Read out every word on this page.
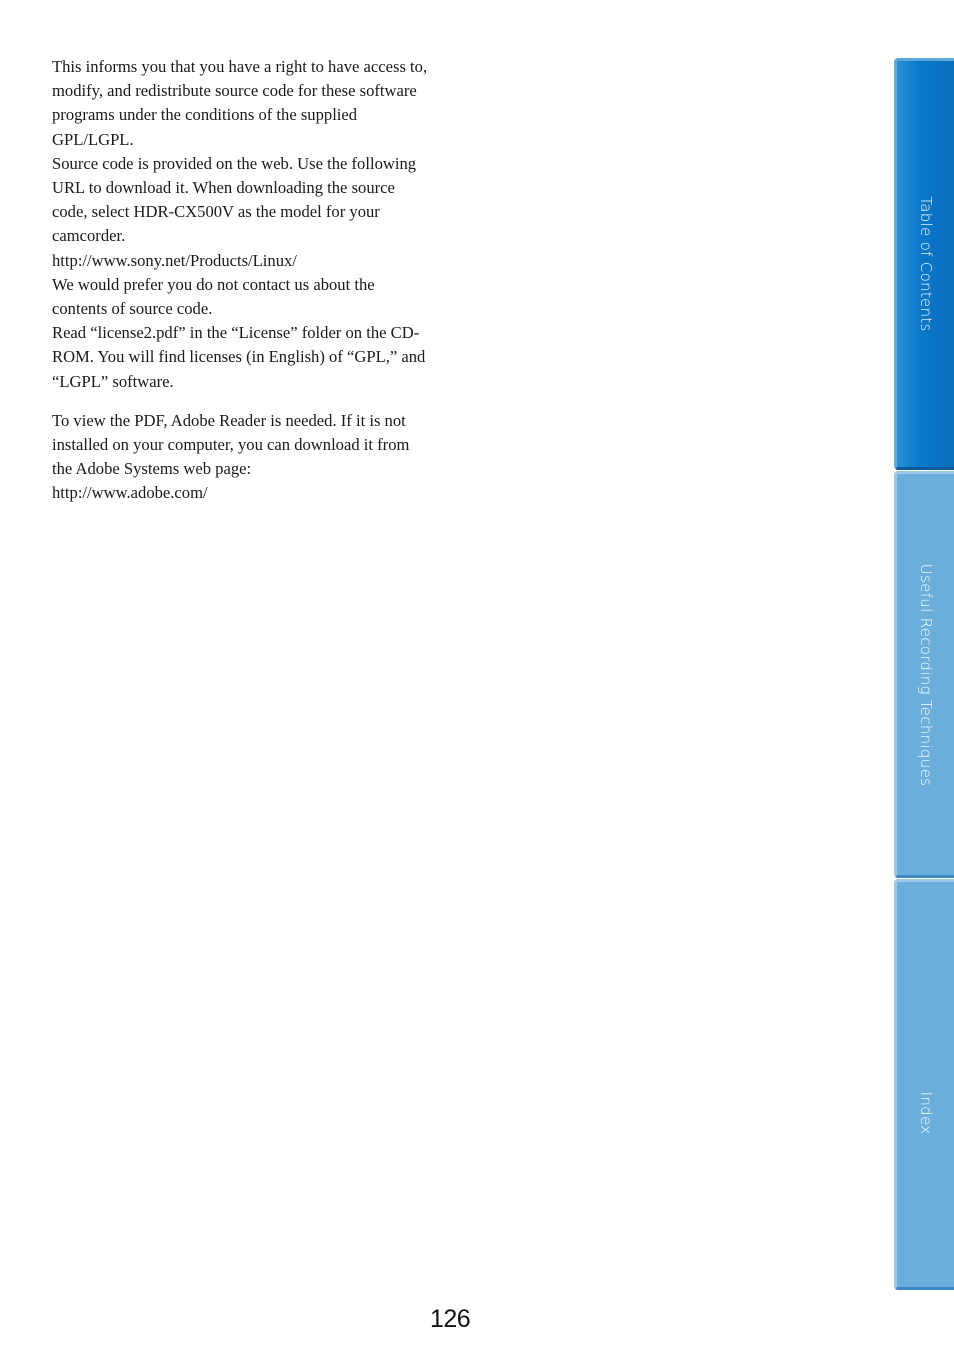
This informs you that you have a right to have access to, modify, and redistribute source code for these software programs under the conditions of the supplied GPL/LGPL.

Source code is provided on the web. Use the following URL to download it. When downloading the source code, select HDR-CX500V as the model for your camcorder.

http://www.sony.net/Products/Linux/

We would prefer you do not contact us about the contents of source code.

Read “license2.pdf” in the “License” folder on the CD-ROM. You will find licenses (in English) of “GPL,” and “LGPL” software.

To view the PDF, Adobe Reader is needed. If it is not installed on your computer, you can download it from the Adobe Systems web page:

http://www.adobe.com/

Table of Contents
Useful Recording Techniques
Index
126
